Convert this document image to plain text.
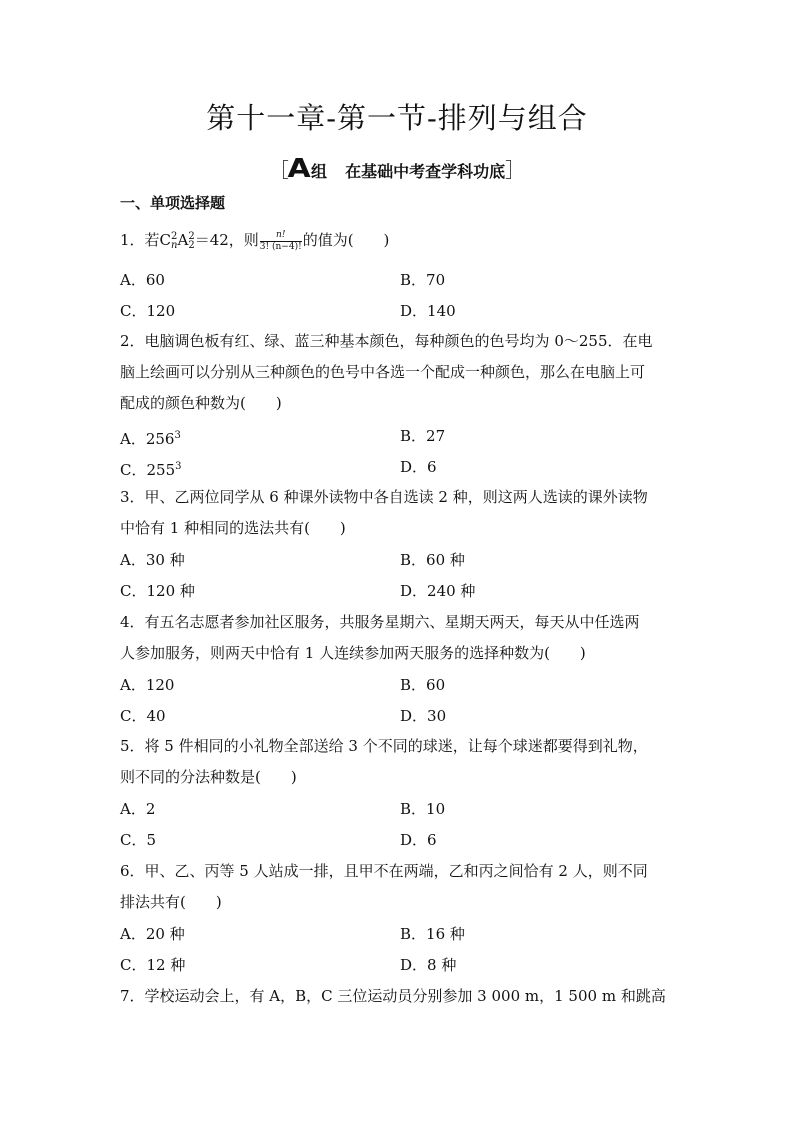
第十一章-第一节-排列与组合
［A组 在基础中考查学科功底］
一、单项选择题
1．若C 2
n A 2
2 ＝42，则 $\frac{n!}{3! (n-4)!}$ 的值为(　　)
A．60	B．70
C．120	D．140
2．电脑调色板有红、绿、蓝三种基本颜色，每种颜色的色号均为 0～255．在电
脑上绘画可以分别从三种颜色的色号中各选一个配成一种颜色，那么在电脑上可
配成的颜色种数为(　　)
A．$256^3$	B．27
C．$255^3$	D．6
3．甲、乙两位同学从 6 种课外读物中各自选读 2 种，则这两人选读的课外读物
中恰有 1 种相同的选法共有(　　)
A．30 种	B．60 种
C．120 种	D．240 种
4．有五名志愿者参加社区服务，共服务星期六、星期天两天，每天从中任选两
人参加服务，则两天中恰有 1 人连续参加两天服务的选择种数为(　　)
A．120	B．60
C．40	D．30
5．将 5 件相同的小礼物全部送给 3 个不同的球迷，让每个球迷都要得到礼物，
则不同的分法种数是(　　)
A．2	B．10
C．5	D．6
6．甲、乙、丙等 5 人站成一排，且甲不在两端，乙和丙之间恰有 2 人，则不同
排法共有(　　)
A．20 种	B．16 种
C．12 种	D．8 种
7．学校运动会上，有 A，B，C 三位运动员分别参加 3 000 m，1 500 m 和跳高
